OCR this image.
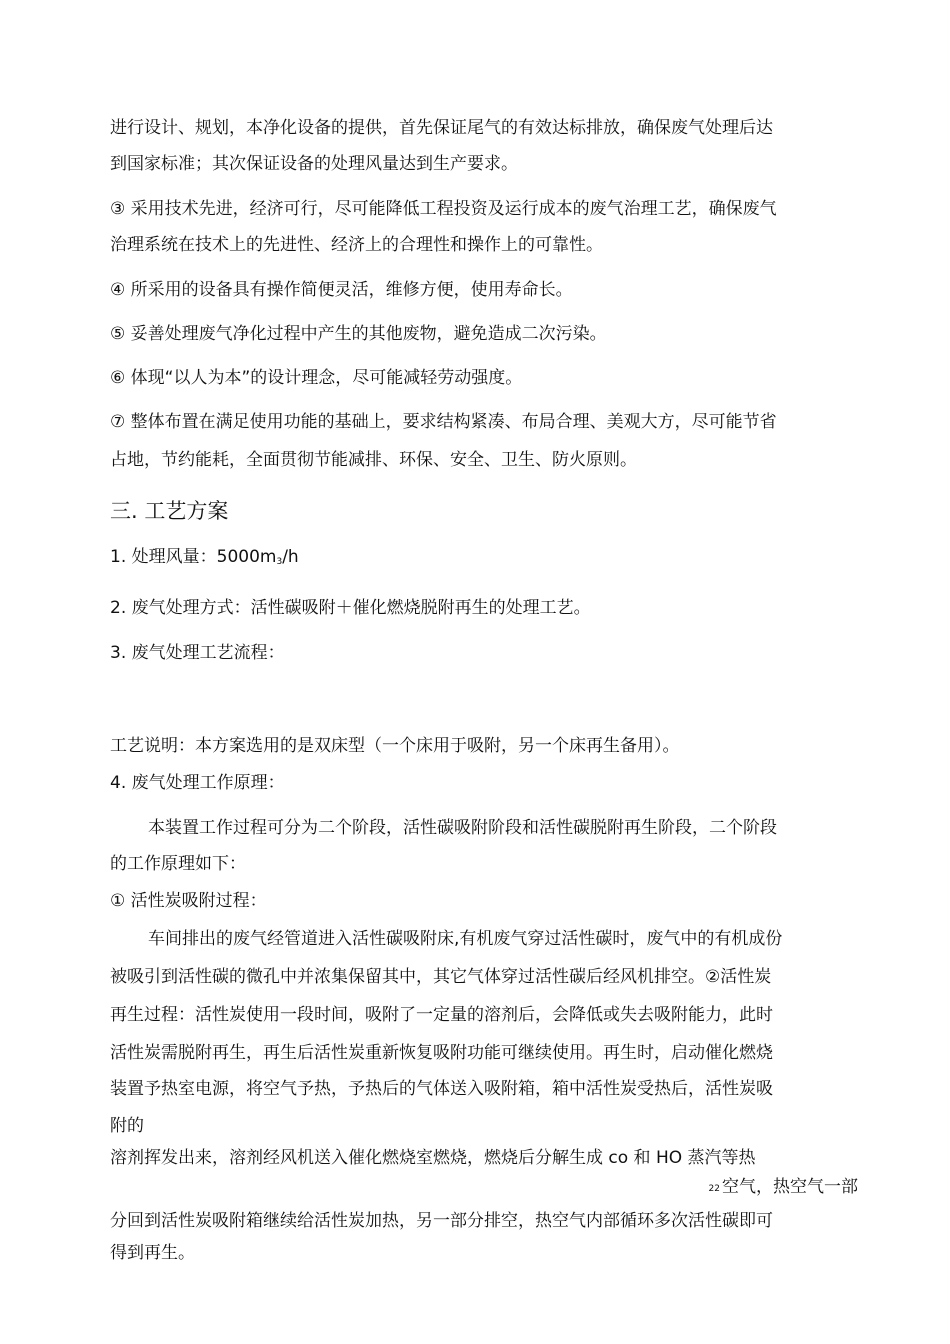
进行设计、规划，本净化设备的提供，首先保证尾气的有效达标排放，确保废气处理后达
到国家标准；其次保证设备的处理风量达到生产要求。
③ 采用技术先进，经济可行，尽可能降低工程投资及运行成本的废气治理工艺，确保废气
治理系统在技术上的先进性、经济上的合理性和操作上的可靠性。
④ 所采用的设备具有操作简便灵活，维修方便，使用寿命长。
⑤ 妥善处理废气净化过程中产生的其他废物，避免造成二次污染。
⑥ 体现“以人为本”的设计理念，尽可能减轻劳动强度。
⑦ 整体布置在满足使用功能的基础上，要求结构紧凑、布局合理、美观大方，尽可能节省
占地，节约能耗，全面贯彻节能减排、环保、安全、卫生、防火原则。
三. 工艺方案
1. 处理风量：$5000m_3/h$
2. 废气处理方式：活性碳吸附＋催化燃烧脱附再生的处理工艺。
3. 废气处理工艺流程：
工艺说明：本方案选用的是双床型（一个床用于吸附，另一个床再生备用）。
4. 废气处理工作原理：
本装置工作过程可分为二个阶段，活性碳吸附阶段和活性碳脱附再生阶段，二个阶段
的工作原理如下：
① 活性炭吸附过程：
车间排出的废气经管道进入活性碳吸附床,有机废气穿过活性碳时，废气中的有机成份
被吸引到活性碳的微孔中并浓集保留其中，其它气体穿过活性碳后经风机排空。②活性炭
再生过程：活性炭使用一段时间，吸附了一定量的溶剂后，会降低或失去吸附能力，此时
活性炭需脱附再生，再生后活性炭重新恢复吸附功能可继续使用。再生时，启动催化燃烧
装置予热室电源，将空气予热，予热后的气体送入吸附箱，箱中活性炭受热后，活性炭吸
附的
溶剂挥发出来，溶剂经风机送入催化燃烧室燃烧，燃烧后分解生成 co 和 HO 蒸汽等热
22 空气，热空气一部
分回到活性炭吸附箱继续给活性炭加热，另一部分排空，热空气内部循环多次活性碳即可
得到再生。
